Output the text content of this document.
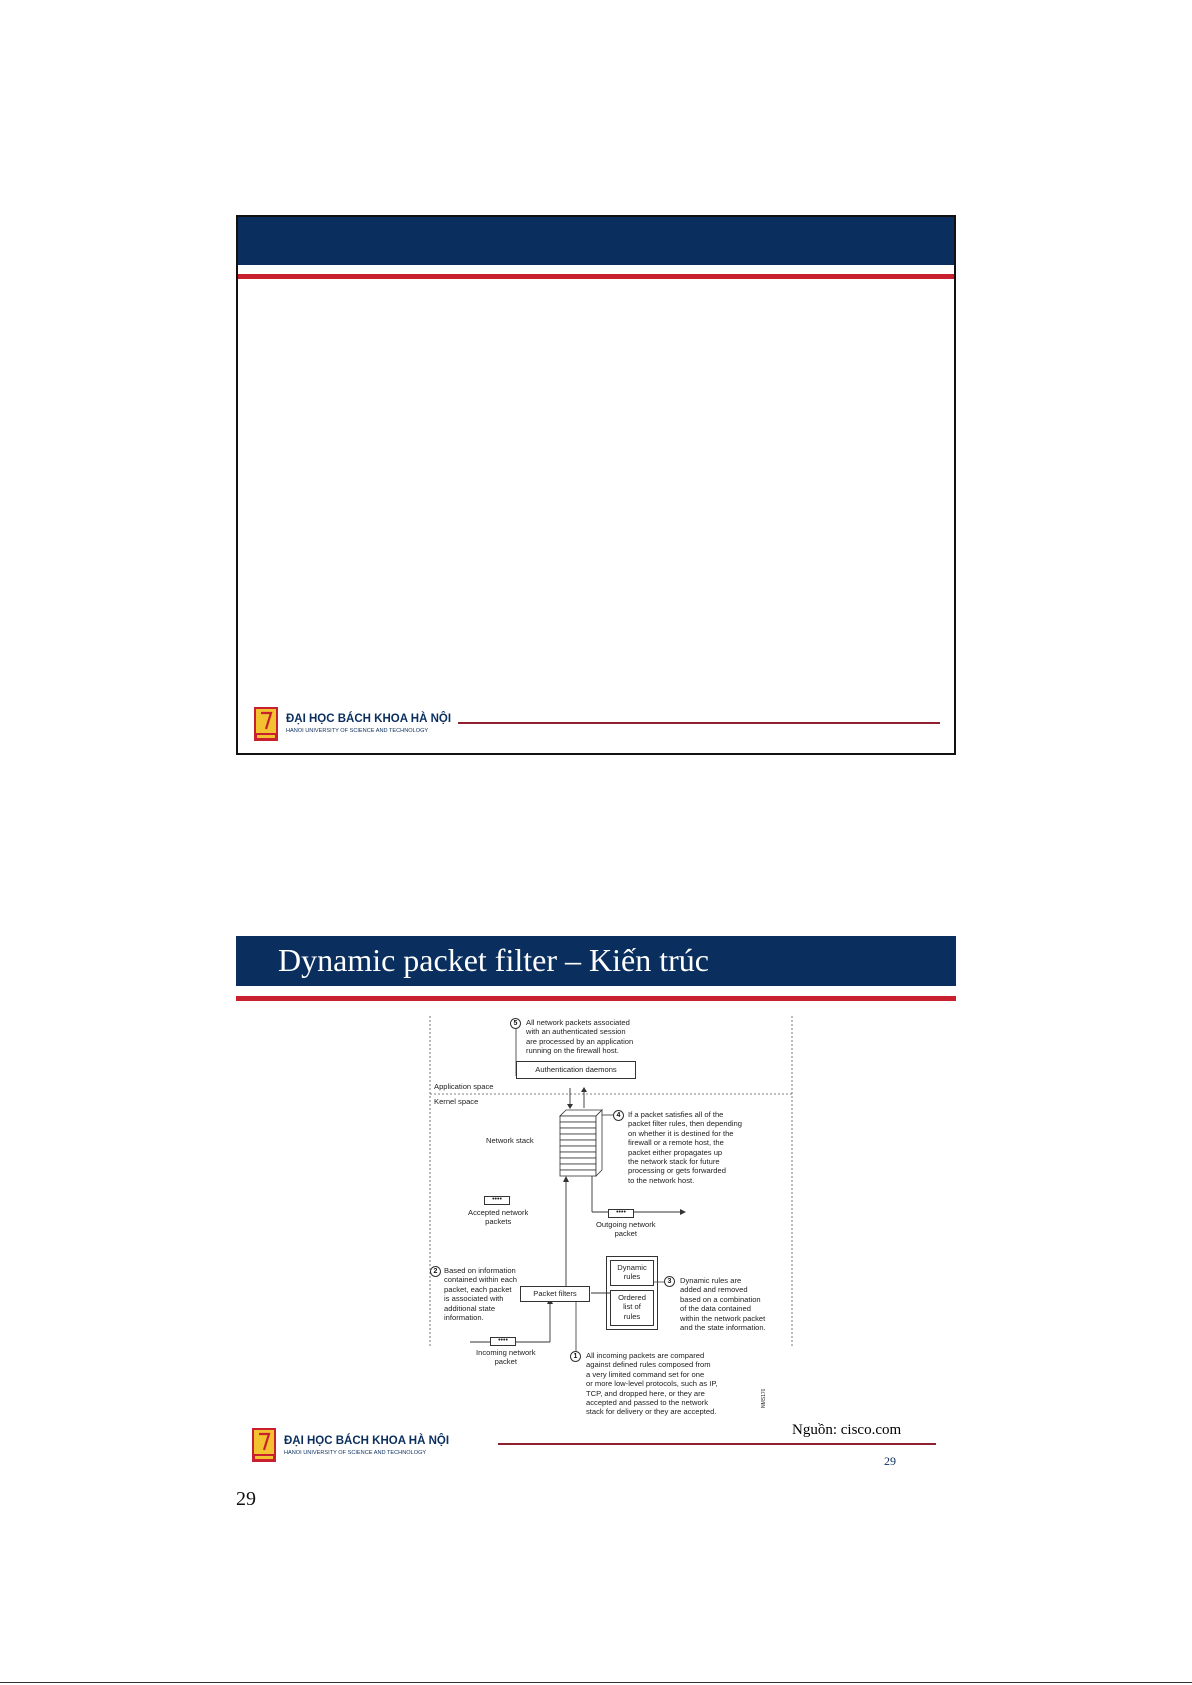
ĐẠI HỌC BÁCH KHOA HÀ NỘI
HANOI UNIVERSITY OF SCIENCE AND TECHNOLOGY
Dynamic packet filter – Kiến trúc
5	All network packets associated
with an authenticated session
are processed by an application
running on the firewall host.
Authentication daemons
Application space
Kernel space
4 If a packet satisfies all of the
packet filter rules, then depending
on whether it is destined for the
firewall or a remote host, the
packet either propagates up
the network stack for future
processing or gets forwarded
to the network host.
Network stack
••••
Accepted network
packets
••••
Outgoing network
packet
2 Based on information
contained within each
packet, each packet
is associated with
additional state
information.
Packet filters
Dynamic
rules
Ordered
list of
rules
3	Dynamic rules are
added and removed
based on a combination
of the data contained
within the network packet
and the state information.
••••
Incoming network
packet
1	All incoming packets are compared
against defined rules composed from
a very limited command set for one
or more low-level protocols, such as IP,
TCP, and dropped here, or they are
accepted and passed to the network
stack for delivery or they are accepted.
NMS170
Nguồn: cisco.com
ĐẠI HỌC BÁCH KHOA HÀ NỘI
HANOI UNIVERSITY OF SCIENCE AND TECHNOLOGY
29
29
